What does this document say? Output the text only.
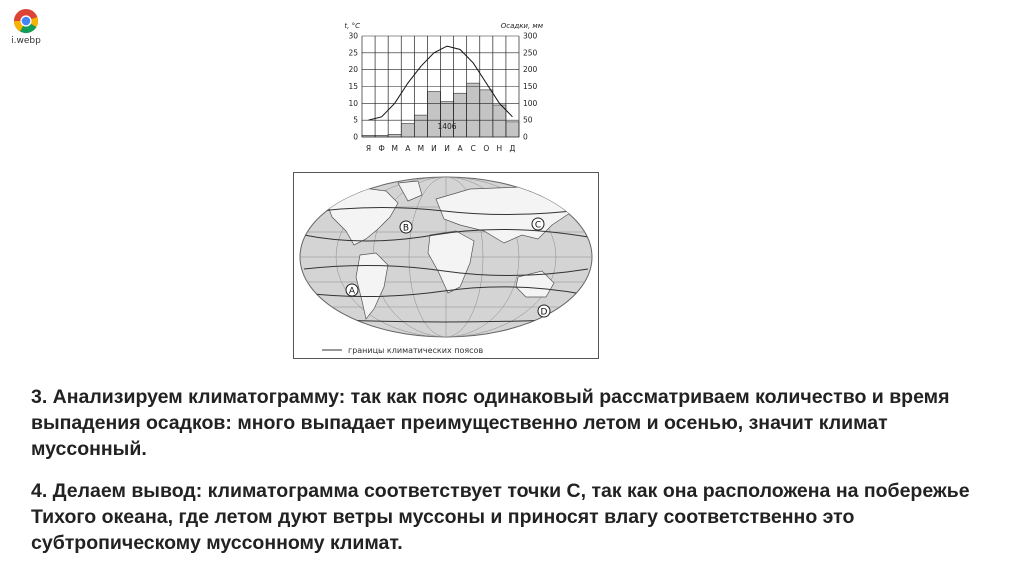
i.webp	30
25
20
15
10
5
0
300
250
200
150
100
50
0
Я Ф М А М И И А С О Н Д
t, °C	Осадки, мм
1406
A
B	C
D
границы климатических поясов
3. Анализируем климатограмму: так как пояс одинаковый рассматриваем количество и время выпадения осадков: много выпадает преимущественно летом и осенью, значит климат муссонный.
4. Делаем вывод: климатограмма соответствует точки С, так как она расположена на побережье Тихого океана, где летом дуют ветры муссоны и приносят влагу соответственно это субтропическому муссонному климат.
